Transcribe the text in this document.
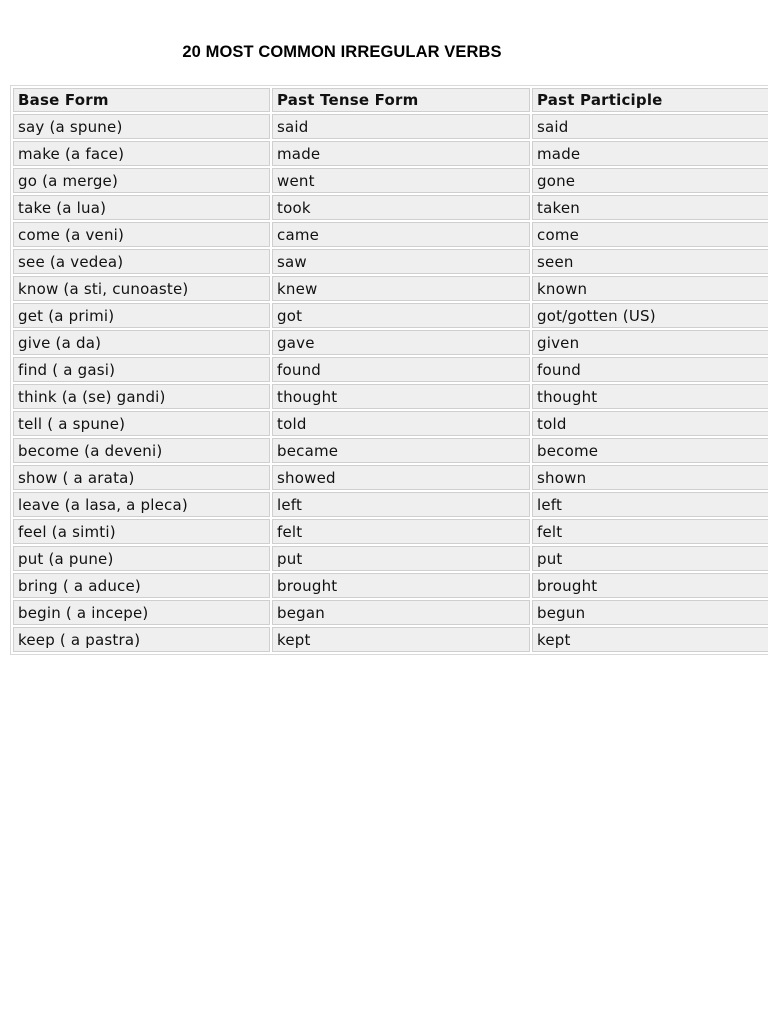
20 MOST COMMON IRREGULAR VERBS
Base Form	Past Tense Form	Past Participle
say (a spune)	said	said
make (a face)	made	made
go (a merge)	went	gone
take (a lua)	took	taken
come (a veni)	came	come
see (a vedea)	saw	seen
know (a sti, cunoaste)	knew	known
get (a primi)	got	got/gotten (US)
give (a da)	gave	given
find ( a gasi)	found	found
think (a (se) gandi)	thought	thought
tell ( a spune)	told	told
become (a deveni)	became	become
show ( a arata)	showed	shown
leave (a lasa, a pleca)	left	left
feel (a simti)	felt	felt
put (a pune)	put	put
bring ( a aduce)	brought	brought
begin ( a incepe)	began	begun
keep ( a pastra)	kept	kept
